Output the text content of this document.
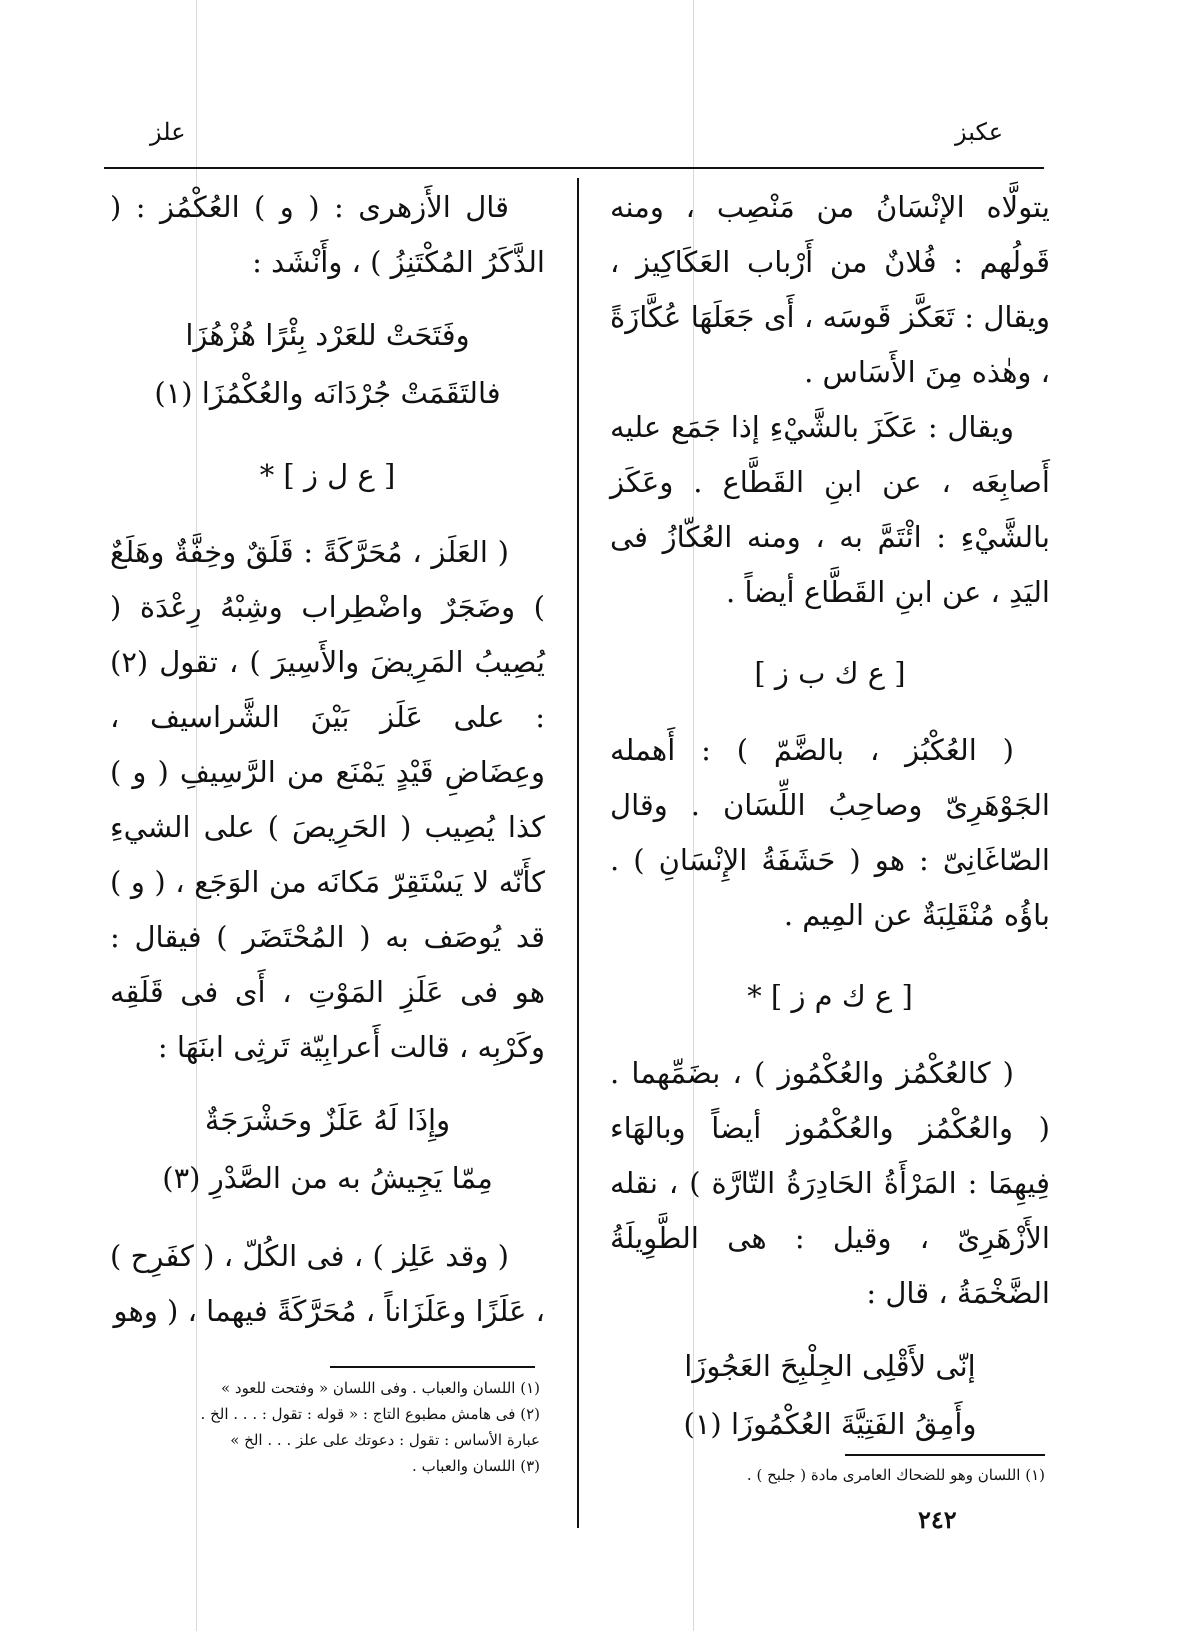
علز	عكبز

يتولَّاه الإنْسَانُ من مَنْصِب ، ومنه قَولُهم : فُلانٌ من أَرْباب العَكَاكِيز ، ويقال : تَعَكَّز قَوسَه ، أَى جَعَلَهَا عُكَّازَةً ، وهٰذه مِنَ الأَسَاس .

ويقال : عَكَزَ بالشَّيْءِ إذا جَمَع عليه أَصابِعَه ، عن ابنِ القَطَّاع . وعَكَز بالشَّيْءِ : ائْتَمَّ به ، ومنه العُكّازُ فى اليَدِ ، عن ابنِ القَطَّاع أيضاً .

[ ع ك ب ز ]

( العُكْبُز ، بالضَّمّ ) : أَهمله الجَوْهَرِىّ وصاحِبُ اللِّسَان . وقال الصّاغَانِىّ : هو ( حَشَفَةُ الإِنْسَانِ ) . باؤُه مُنْقَلِبَةٌ عن المِيم .

[ ع ك م ز ] *

( كالعُكْمُز والعُكْمُوز ) ، بضَمِّهما . ( والعُكْمُز والعُكْمُوز أيضاً وبالهَاء فِيهِمَا : المَرْأَةُ الحَادِرَةُ التّارَّة ) ، نقله الأَزْهَرِىّ ، وقيل : هى الطَّوِيلَةُ الضَّخْمَةُ ، قال :

إنّى لأَقْلِى الجِلْبِحَ العَجُوزَا
وأَمِقُ الفَتِيَّةَ العُكْمُوزَا (١)

قال الأَزهرى : ( و ) العُكْمُز : ( الذَّكَرُ المُكْتَنِزُ ) ، وأَنْشَد :

وفَتَحَتْ للعَرْد بِئْرًا هُزْهُزَا
فالتَقَمَتْ جُرْدَانَه والعُكْمُزَا (١)

[ ع ل ز ] *

( العَلَز ، مُحَرَّكَةً : قَلَقٌ وخِفَّةٌ وهَلَعٌ ) وضَجَرٌ واضْطِراب وشِبْهُ رِعْدَة ( يُصِيبُ المَرِيضَ والأَسِيرَ ) ، تقول (٢) : على عَلَز بَيْنَ الشَّراسيف ، وعِضَاضِ قَيْدٍ يَمْنَع من الرَّسِيفِ ( و ) كذا يُصِيب ( الحَرِيصَ ) على الشيءِ كأَنّه لا يَسْتَقِرّ مَكانَه من الوَجَع ، ( و ) قد يُوصَف به ( المُحْتَضَر ) فيقال : هو فى عَلَزِ المَوْتِ ، أَى فى قَلَقِه وكَرْبِه ، قالت أَعرابِيّة تَرثِى ابنَهَا :

وإِذَا لَهُ عَلَزٌ وحَشْرَجَةٌ
مِمّا يَجِيشُ به من الصَّدْرِ (٣)

( وقد عَلِز ) ، فى الكُلّ ، ( كفَرِح ) ، عَلَزًا وعَلَزَاناً ، مُحَرَّكَةً فيهما ، ( وهو

(١) اللسان والعباب . وفى اللسان « وفتحت للعود »
(٢) فى هامش مطبوع التاج : « قوله : تقول : . . . الخ .
عبارة الأساس : تقول : دعوتك على علز . . . الخ »
(٣) اللسان والعباب .	(١) اللسان وهو للضحاك العامرى مادة ( جلبح ) .
٢٤٢
